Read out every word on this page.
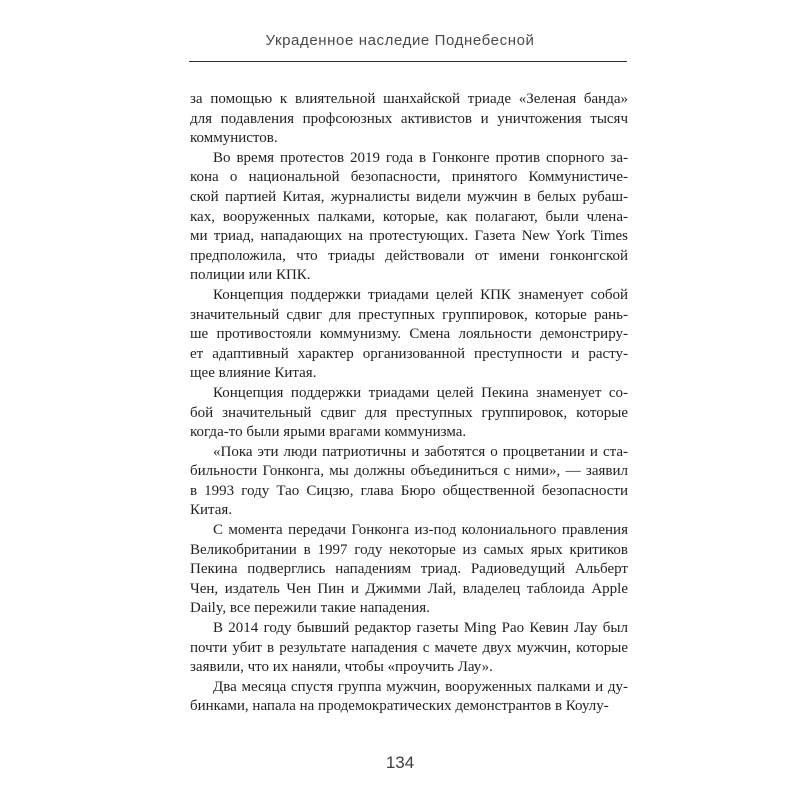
Украденное наследие Поднебесной
за помощью к влиятельной шанхайской триаде «Зеленая банда»
для подавления профсоюзных активистов и уничтожения тысяч
коммунистов.
Во время протестов 2019 года в Гонконге против спорного за-
кона о национальной безопасности, принятого Коммунистиче-
ской партией Китая, журналисты видели мужчин в белых рубаш-
ках, вооруженных палками, которые, как полагают, были члена-
ми триад, нападающих на протестующих. Газета New York Times
предположила, что триады действовали от имени гонконгской
полиции или КПК.
Концепция поддержки триадами целей КПК знаменует собой
значительный сдвиг для преступных группировок, которые рань-
ше противостояли коммунизму. Смена лояльности демонстриру-
ет адаптивный характер организованной преступности и расту-
щее влияние Китая.
Концепция поддержки триадами целей Пекина знаменует со-
бой значительный сдвиг для преступных группировок, которые
когда-то были ярыми врагами коммунизма.
«Пока эти люди патриотичны и заботятся о процветании и ста-
бильности Гонконга, мы должны объединиться с ними», — заявил
в 1993 году Тао Сицзю, глава Бюро общественной безопасности
Китая.
С момента передачи Гонконга из-под колониального правления
Великобритании в 1997 году некоторые из самых ярых критиков
Пекина подверглись нападениям триад. Радиоведущий Альберт
Чен, издатель Чен Пин и Джимми Лай, владелец таблоида Apple
Daily, все пережили такие нападения.
В 2014 году бывший редактор газеты Ming Pao Кевин Лау был
почти убит в результате нападения с мачете двух мужчин, которые
заявили, что их наняли, чтобы «проучить Лау».
Два месяца спустя группа мужчин, вооруженных палками и ду-
бинками, напала на продемократических демонстрантов в Коулу-
134
